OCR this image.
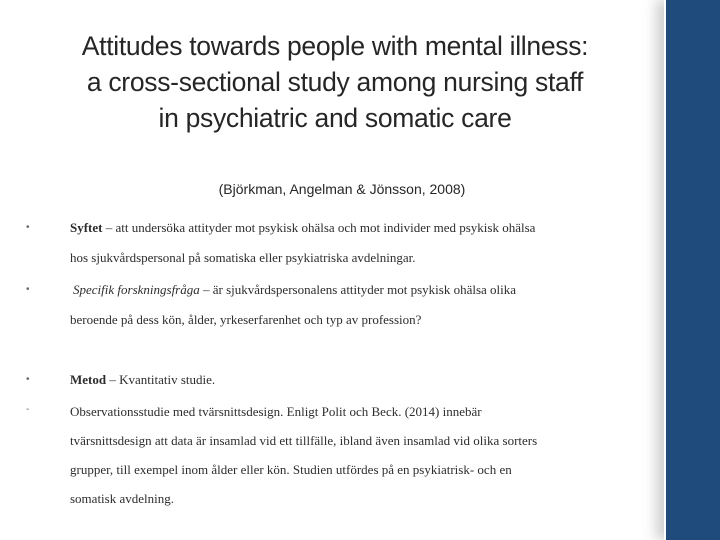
Attitudes towards people with mental illness:
a cross-sectional study among nursing staff
in psychiatric and somatic care
(Björkman, Angelman & Jönsson, 2008)
•	Syftet – att undersöka attityder mot psykisk ohälsa och mot individer med psykisk ohälsa
hos sjukvårdspersonal på somatiska eller psykiatriska avdelningar.
•	Specifik forskningsfråga – är sjukvårdspersonalens attityder mot psykisk ohälsa olika
beroende på dess kön, ålder, yrkeserfarenhet och typ av profession?
•	Metod – Kvantitativ studie.
-	Observationsstudie med tvärsnittsdesign. Enligt Polit och Beck. (2014) innebär
tvärsnittsdesign att data är insamlad vid ett tillfälle, ibland även insamlad vid olika sorters
grupper, till exempel inom ålder eller kön. Studien utfördes på en psykiatrisk- och en
somatisk avdelning.
